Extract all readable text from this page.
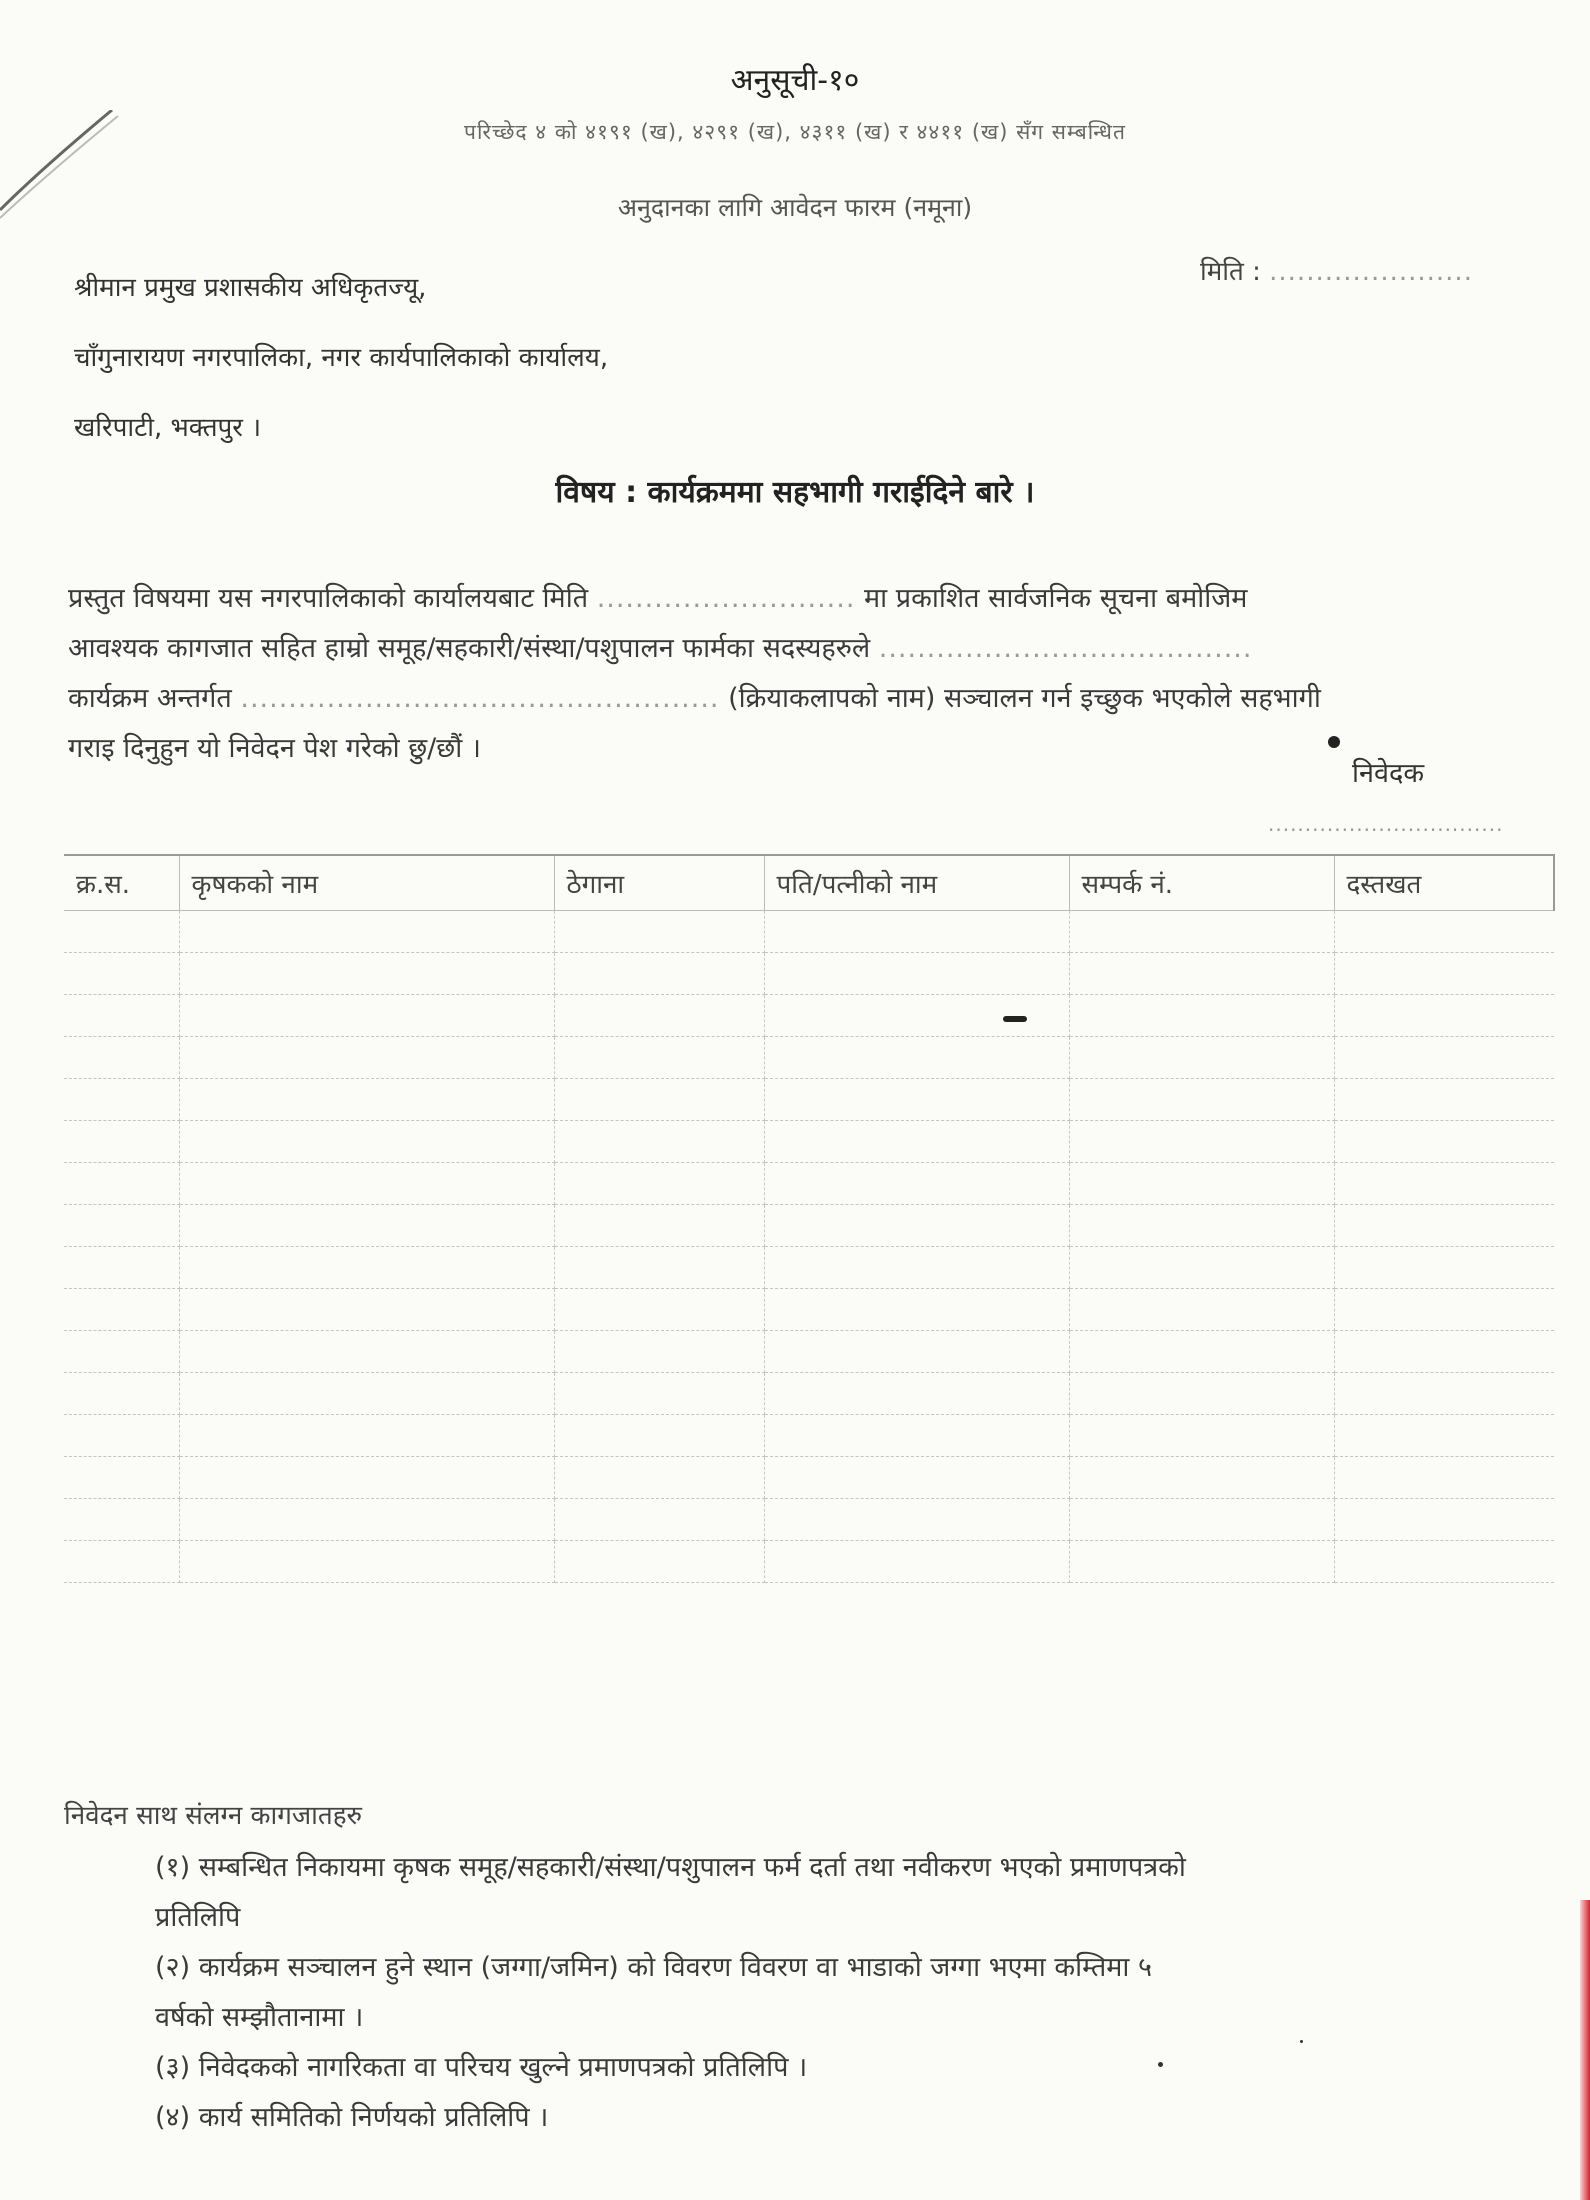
अनुसूची-१०
परिच्छेद ४ को ४१९१ (ख), ४२९१ (ख), ४३११ (ख) र ४४११ (ख) सँग सम्बन्धित
अनुदानका लागि आवेदन फारम (नमूना)
श्रीमान प्रमुख प्रशासकीय अधिकृतज्यू,
चाँगुनारायण नगरपालिका, नगर कार्यपालिकाको कार्यालय,
खरिपाटी, भक्तपुर ।
मिति : ......................
विषय : कार्यक्रममा सहभागी गराईदिने बारे ।
प्रस्तुत विषयमा यस नगरपालिकाको कार्यालयबाट मिति ........................... मा प्रकाशित सार्वजनिक सूचना बमोजिम
आवश्यक कागजात सहित हाम्रो समूह/सहकारी/संस्था/पशुपालन फार्मका सदस्यहरुले .......................................
कार्यक्रम अन्तर्गत .................................................. (क्रियाकलापको नाम) सञ्चालन गर्न इच्छुक भएकोले सहभागी
गराइ दिनुहुन यो निवेदन पेश गरेको छु/छौं ।
निवेदक
................................
क्र.स.	कृषकको नाम	ठेगाना	पति/पत्नीको नाम	सम्पर्क नं.	दस्तखत

निवेदन साथ संलग्न कागजातहरु
(१) सम्बन्धित निकायमा कृषक समूह/सहकारी/संस्था/पशुपालन फर्म दर्ता तथा नवीकरण भएको प्रमाणपत्रको
प्रतिलिपि
(२) कार्यक्रम सञ्चालन हुने स्थान (जग्गा/जमिन) को विवरण विवरण वा भाडाको जग्गा भएमा कम्तिमा ५
वर्षको सम्झौतानामा ।
(३) निवेदकको नागरिकता वा परिचय खुल्ने प्रमाणपत्रको प्रतिलिपि ।
(४) कार्य समितिको निर्णयको प्रतिलिपि ।
